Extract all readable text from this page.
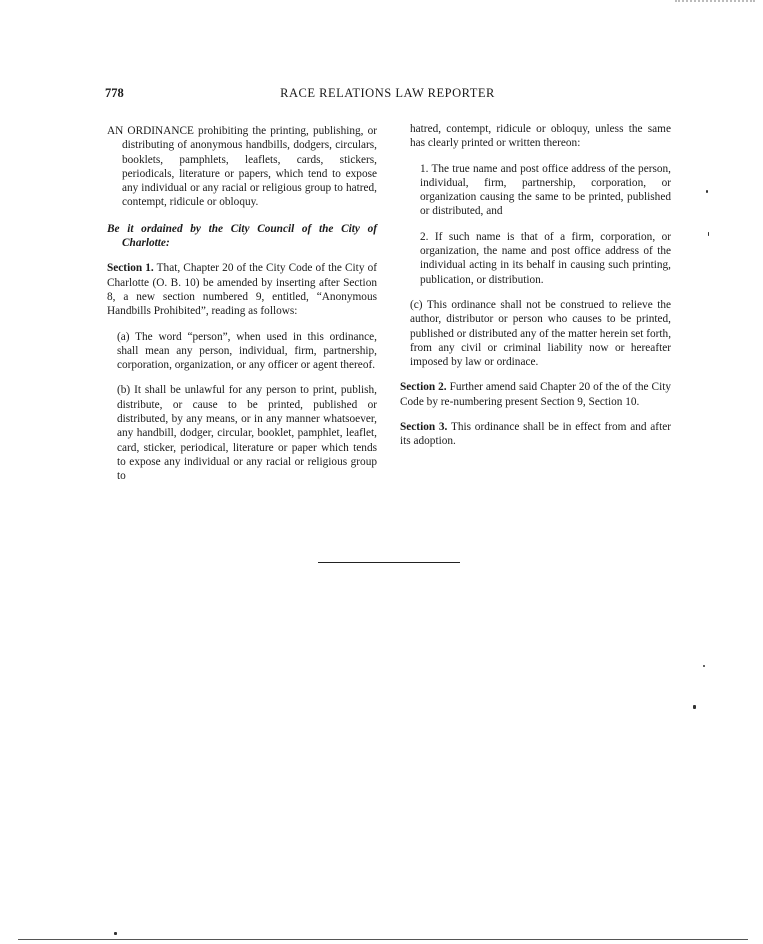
778	RACE RELATIONS LAW REPORTER

AN ORDINANCE prohibiting the printing, publishing, or distributing of anonymous handbills, dodgers, circulars, booklets, pamphlets, leaflets, cards, stickers, periodicals, literature or papers, which tend to expose any individual or any racial or religious group to hatred, contempt, ridicule or obloquy.

Be it ordained by the City Council of the City of Charlotte:

Section 1. That, Chapter 20 of the City Code of the City of Charlotte (O. B. 10) be amended by inserting after Section 8, a new section numbered 9, entitled, “Anonymous Handbills Prohibited”, reading as follows:

(a) The word “person”, when used in this ordinance, shall mean any person, individual, firm, partnership, corporation, organization, or any officer or agent thereof.

(b) It shall be unlawful for any person to print, publish, distribute, or cause to be printed, published or distributed, by any means, or in any manner whatsoever, any handbill, dodger, circular, booklet, pamphlet, leaflet, card, sticker, periodical, literature or paper which tends to expose any individual or any racial or religious group to

hatred, contempt, ridicule or obloquy, unless the same has clearly printed or written thereon:

1. The true name and post office address of the person, individual, firm, partnership, corporation, or organization causing the same to be printed, published or distributed, and

2. If such name is that of a firm, corporation, or organization, the name and post office address of the individual acting in its behalf in causing such printing, publication, or distribution.

(c) This ordinance shall not be construed to relieve the author, distributor or person who causes to be printed, published or distributed any of the matter herein set forth, from any civil or criminal liability now or hereafter imposed by law or ordinace.

Section 2. Further amend said Chapter 20 of the of the City Code by re-numbering present Section 9, Section 10.

Section 3. This ordinance shall be in effect from and after its adoption.
